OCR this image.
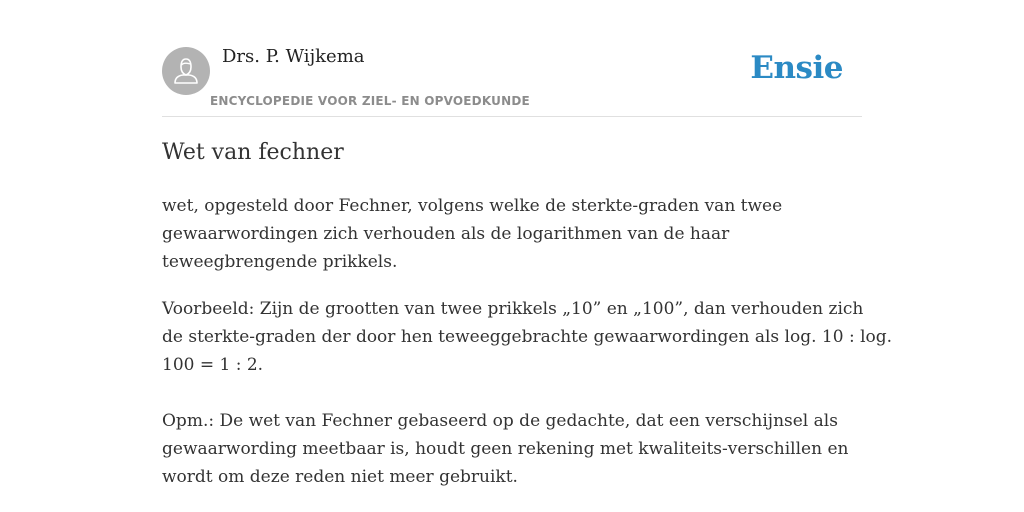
Drs. P. Wijkema
ENCYCLOPEDIE VOOR ZIEL- EN OPVOEDKUNDE
Ensie
Wet van fechner

wet, opgesteld door Fechner, volgens welke de sterkte-graden van twee
gewaarwordingen zich verhouden als de logarithmen van de haar
teweegbrengende prikkels.

Voorbeeld: Zijn de grootten van twee prikkels „10” en „100”, dan verhouden zich
de sterkte-graden der door hen teweeggebrachte gewaarwordingen als log. 10 : log.
100 = 1 : 2.

Opm.: De wet van Fechner gebaseerd op de gedachte, dat een verschijnsel als
gewaarwording meetbaar is, houdt geen rekening met kwaliteits-verschillen en
wordt om deze reden niet meer gebruikt.
